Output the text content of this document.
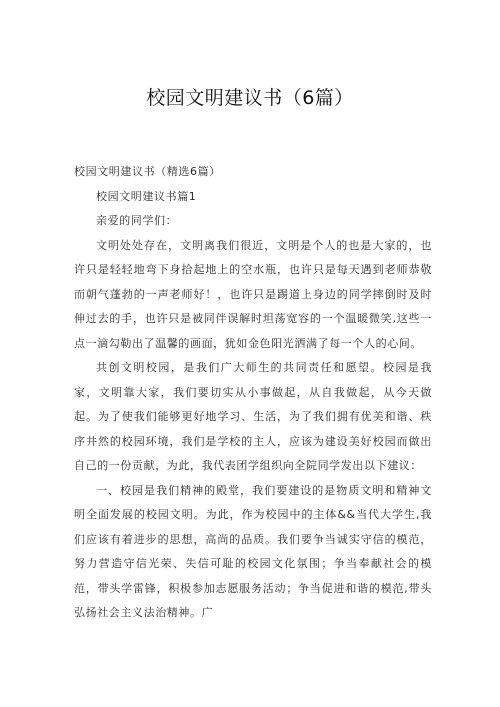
校园文明建议书（6篇）

校园文明建议书（精选6篇）

校园文明建议书篇1

亲爱的同学们：

文明处处存在，文明离我们很近，文明是个人的也是大家的，也许只是轻轻地弯下身拾起地上的空水瓶，也许只是每天遇到老师恭敬而朝气蓬勃的一声老师好！，也许只是踢道上身边的同学摔倒时及时伸过去的手，也许只是被同伴误解时坦荡宽容的一个温暖微笑,这些一点一滴勾勒出了温馨的画面，犹如金色阳光洒满了每一个人的心间。

共创文明校园，是我们广大师生的共同责任和愿望。校园是我家，文明靠大家，我们要切实从小事做起，从自我做起，从今天做起。为了使我们能够更好地学习、生活，为了我们拥有优美和谐、秩序井然的校园环境，我们是学校的主人，应该为建设美好校园而做出自己的一份贡献，为此，我代表团学组织向全院同学发出以下建议：

一、校园是我们精神的殿堂，我们要建设的是物质文明和精神文明全面发展的校园文明。为此，作为校园中的主体&&当代大学生,我们应该有着进步的思想，高尚的品质。我们要争当诚实守信的模范，努力营造守信光荣、失信可耻的校园文化氛围；争当奉献社会的模范，带头学雷锋，积极参加志愿服务活动；争当促进和谐的模范,带头弘扬社会主义法治精神。广
